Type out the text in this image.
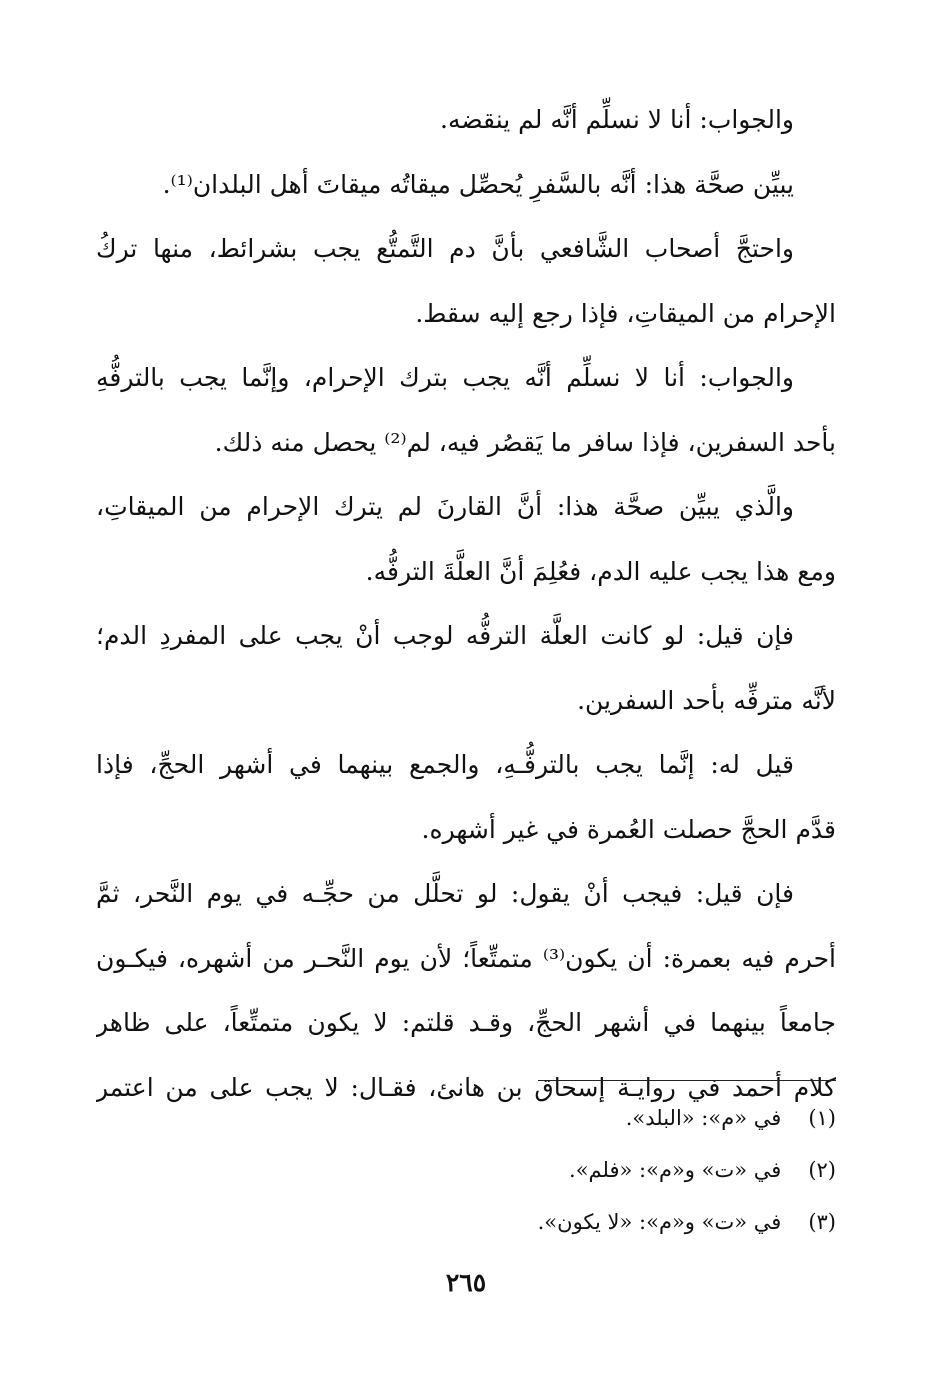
والجواب: أنا لا نسلِّم أنَّه لم ينقضه.
يبيِّن صحَّة هذا: أنَّه بالسَّفرِ يُحصِّل ميقاتُه ميقاتَ أهل البلدان⁽¹⁾.
واحتجَّ أصحاب الشَّافعي بأنَّ دم التَّمتُّع يجب بشرائط، منها تركُ
الإحرام من الميقاتِ، فإذا رجع إليه سقط.
والجواب: أنا لا نسلِّم أنَّه يجب بترك الإحرام، وإنَّما يجب بالترفُّهِ
بأحد السفرين، فإذا سافر ما يَقصُر فيه، لم⁽²⁾ يحصل منه ذلك.
والَّذي يبيِّن صحَّة هذا: أنَّ القارنَ لم يترك الإحرام من الميقاتِ،
ومع هذا يجب عليه الدم، فعُلِمَ أنَّ العلَّةَ الترفُّه.
فإن قيل: لو كانت العلَّة الترفُّه لوجب أنْ يجب على المفردِ الدم؛
لأنَّه مترفِّه بأحد السفرين.
قيل له: إنَّما يجب بالترفُّـهِ، والجمع بينهما في أشهر الحجِّ، فإذا
قدَّم الحجَّ حصلت العُمرة في غير أشهره.
فإن قيل: فيجب أنْ يقول: لو تحلَّل من حجِّـه في يوم النَّحر، ثمَّ
أحرم فيه بعمرة: أن يكون⁽³⁾ متمتِّعاً؛ لأن يوم النَّحـر من أشهره، فيكـون
جامعاً بينهما في أشهر الحجِّ، وقـد قلتم: لا يكون متمتِّعاً، على ظاهر
كلام أحمد في روايـة إسحاق بن هانئ، فقـال: لا يجب على من اعتمر
(١) في «م»: «البلد».
(٢) في «ت» و«م»: «فلم».
(٣) في «ت» و«م»: «لا يكون».
٢٦٥
